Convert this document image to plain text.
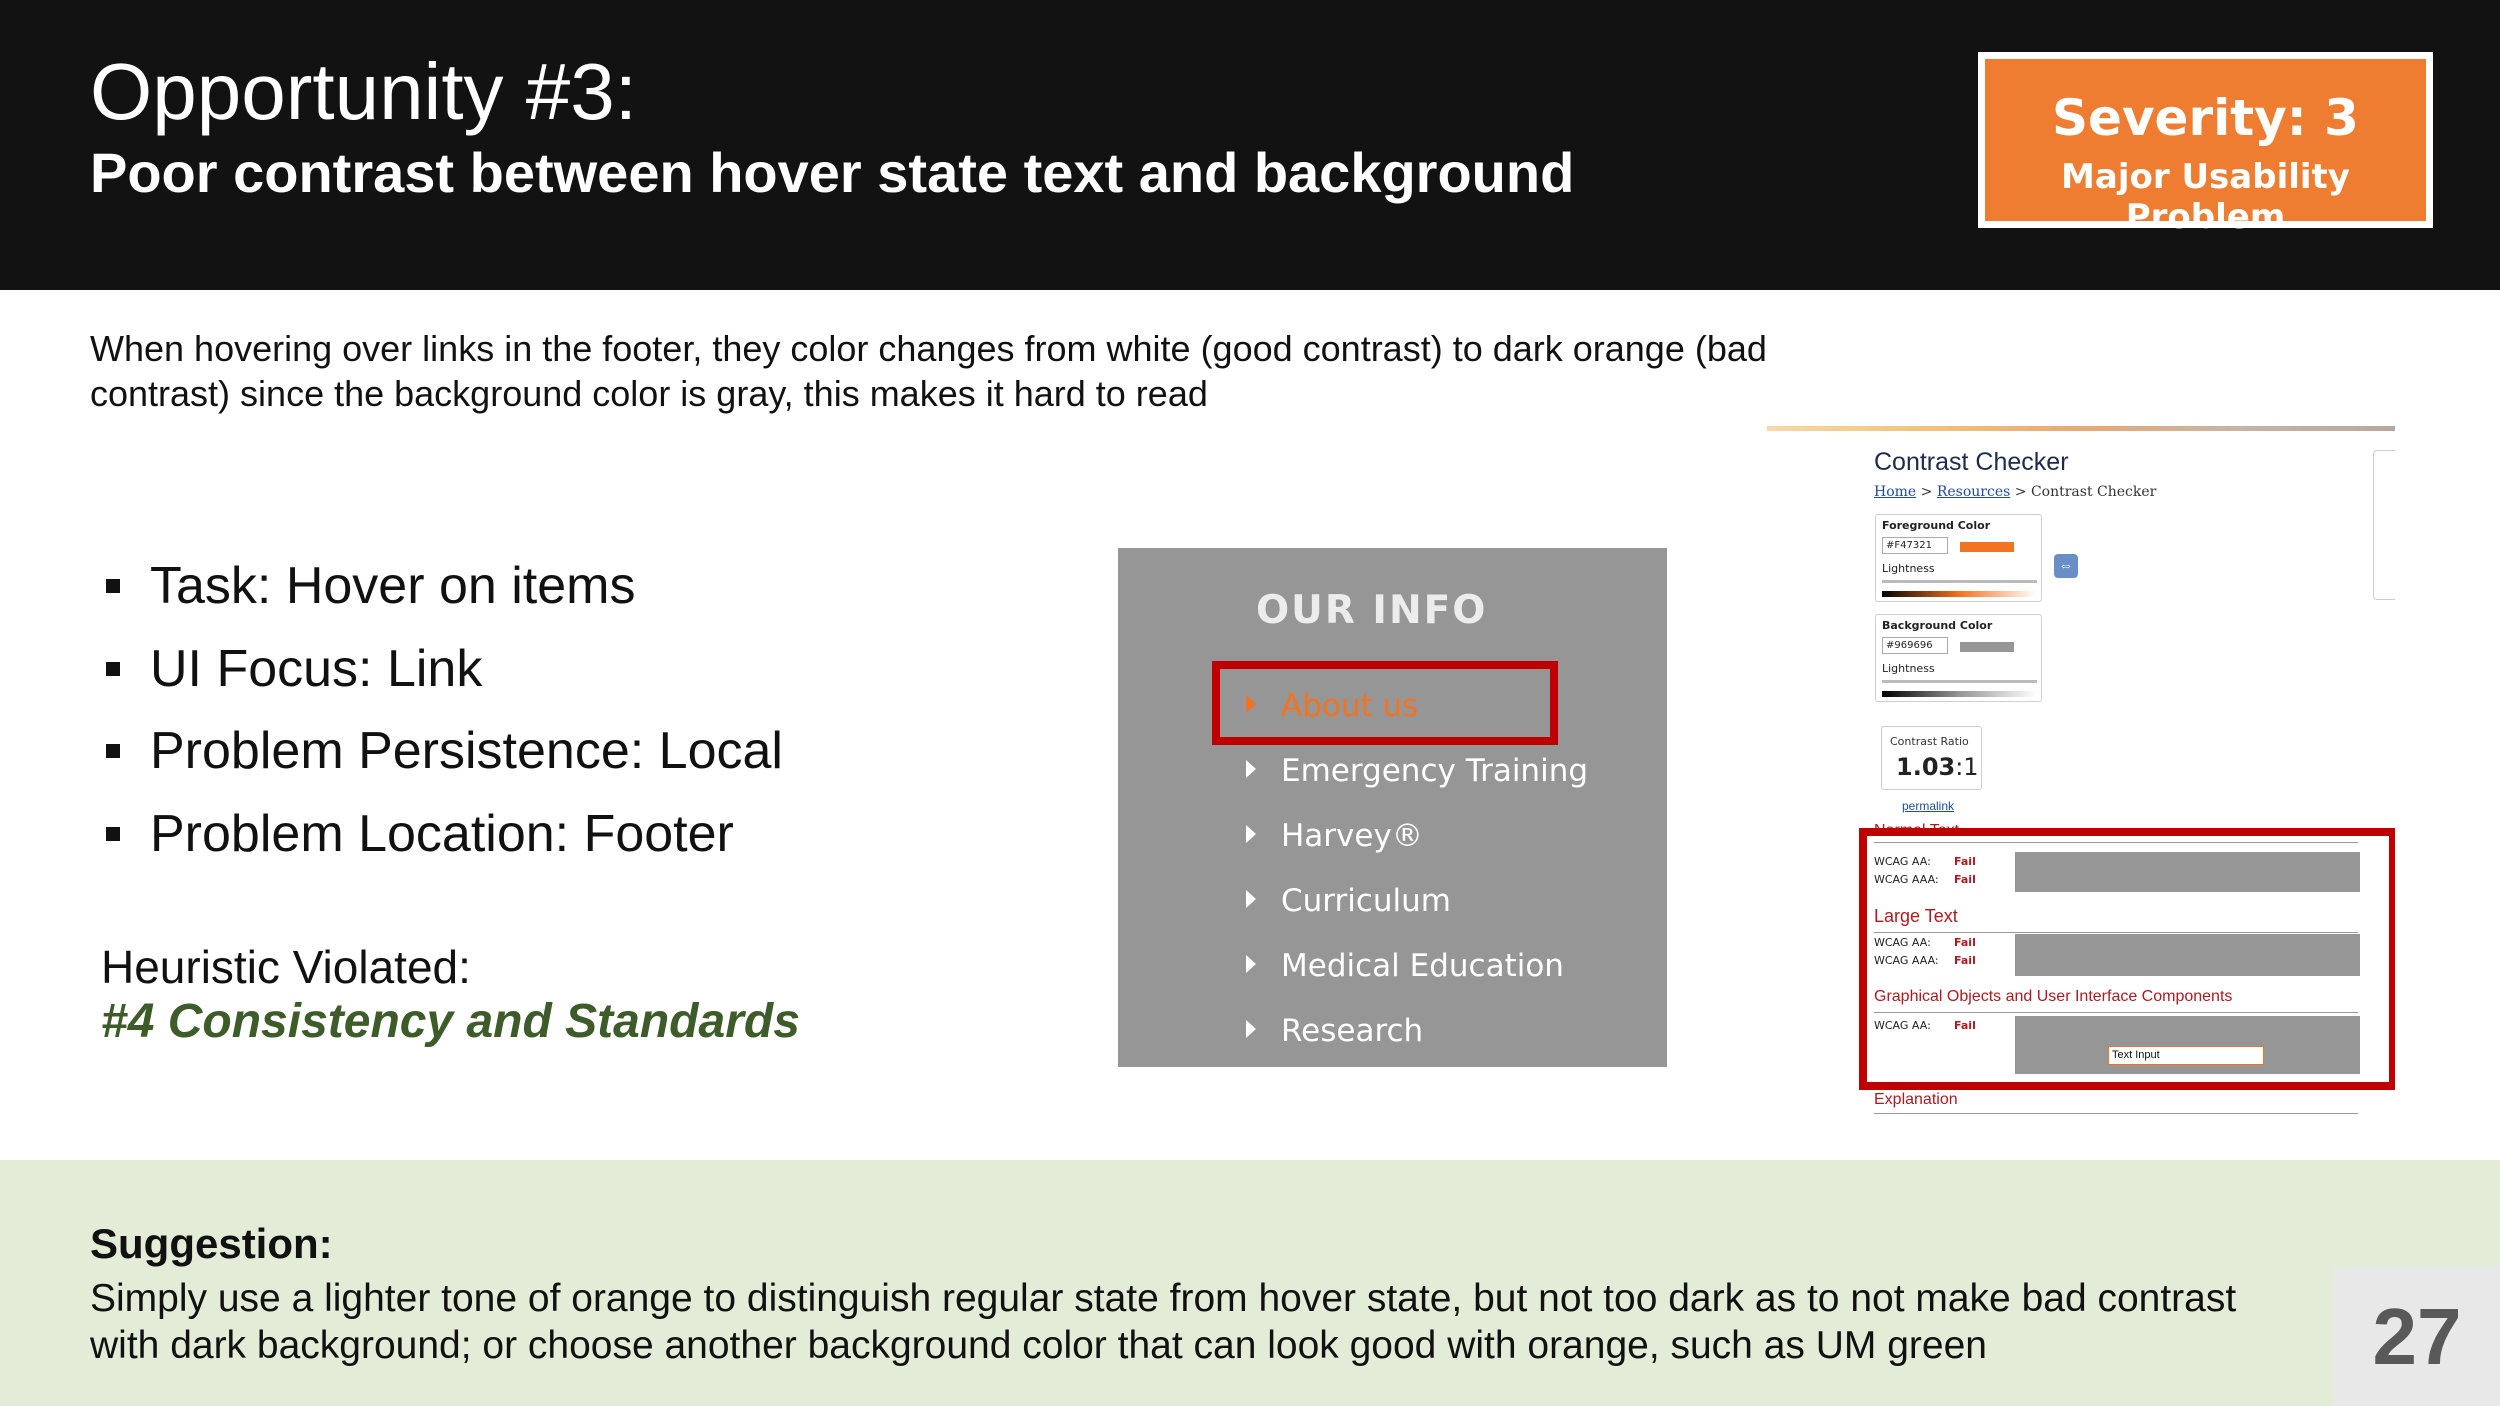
Opportunity #3:
Poor contrast between hover state text and background
Severity: 3
Major Usability Problem
When hovering over links in the footer, they color changes from white (good contrast) to dark orange (bad contrast) since the background color is gray, this makes it hard to read
Task: Hover on items
UI Focus: Link
Problem Persistence: Local
Problem Location: Footer
Heuristic Violated:
#4 Consistency and Standards
OUR INFO
About us
Emergency Training
Harvey®
Curriculum
Medical Education
Research
Contrast Checker
Home > Resources > Contrast Checker
Foreground Color
#F47321
Lightness	⇔
Background Color
#969696
Lightness
Contrast Ratio
1.03:1
permalink
Normal Text
WCAG AA: Fail
WCAG AAA: Fail
Large Text
WCAG AA: Fail
WCAG AAA: Fail
Graphical Objects and User Interface Components
WCAG AA: Fail
Text Input
Explanation
Suggestion:
Simply use a lighter tone of orange to distinguish regular state from hover state, but not too dark as to not make bad contrast with dark background; or choose another background color that can look good with orange, such as UM green	27
